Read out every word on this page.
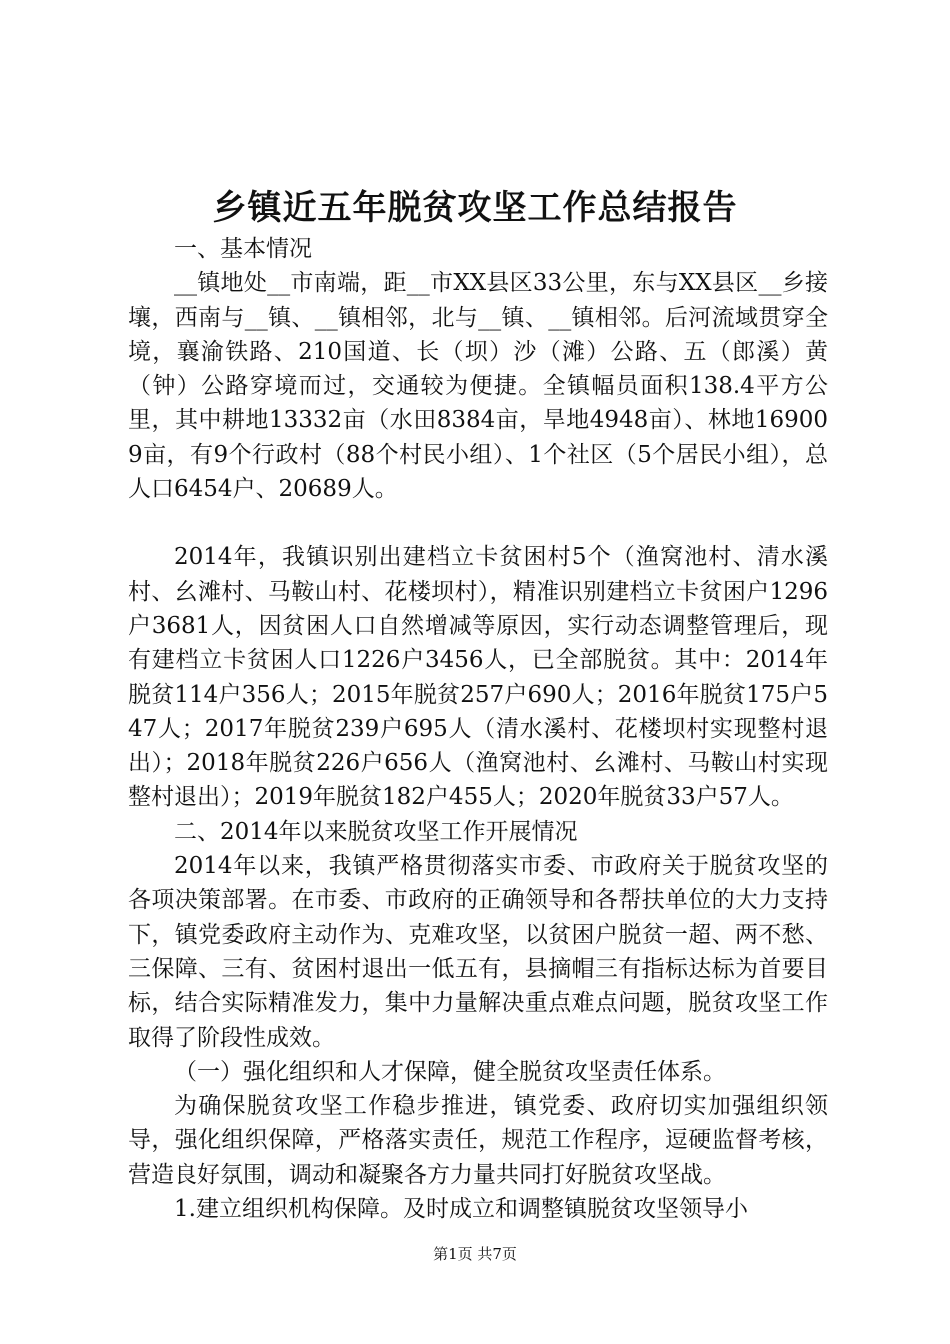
乡镇近五年脱贫攻坚工作总结报告

一、基本情况

__镇地处__市南端，距__市XX县区33公里，东与XX县区__乡接壤，西南与__镇、__镇相邻，北与__镇、__镇相邻。后河流域贯穿全境，襄渝铁路、210国道、长（坝）沙（滩）公路、五（郎溪）黄（钟）公路穿境而过，交通较为便捷。全镇幅员面积138.4平方公里，其中耕地13332亩（水田8384亩，旱地4948亩）、林地169009亩，有9个行政村（88个村民小组）、1个社区（5个居民小组），总人口6454户、20689人。

2014年，我镇识别出建档立卡贫困村5个（渔窝池村、清水溪村、幺滩村、马鞍山村、花楼坝村），精准识别建档立卡贫困户1296户3681人，因贫困人口自然增减等原因，实行动态调整管理后，现有建档立卡贫困人口1226户3456人，已全部脱贫。其中：2014年脱贫114户356人；2015年脱贫257户690人；2016年脱贫175户547人；2017年脱贫239户695人（清水溪村、花楼坝村实现整村退出）；2018年脱贫226户656人（渔窝池村、幺滩村、马鞍山村实现整村退出）；2019年脱贫182户455人；2020年脱贫33户57人。

二、2014年以来脱贫攻坚工作开展情况

2014年以来，我镇严格贯彻落实市委、市政府关于脱贫攻坚的各项决策部署。在市委、市政府的正确领导和各帮扶单位的大力支持下，镇党委政府主动作为、克难攻坚，以贫困户脱贫一超、两不愁、三保障、三有、贫困村退出一低五有，县摘帽三有指标达标为首要目标，结合实际精准发力，集中力量解决重点难点问题，脱贫攻坚工作取得了阶段性成效。

（一）强化组织和人才保障，健全脱贫攻坚责任体系。

为确保脱贫攻坚工作稳步推进，镇党委、政府切实加强组织领导，强化组织保障，严格落实责任，规范工作程序，逗硬监督考核，营造良好氛围，调动和凝聚各方力量共同打好脱贫攻坚战。

1.建立组织机构保障。及时成立和调整镇脱贫攻坚领导小

第1页 共7页
